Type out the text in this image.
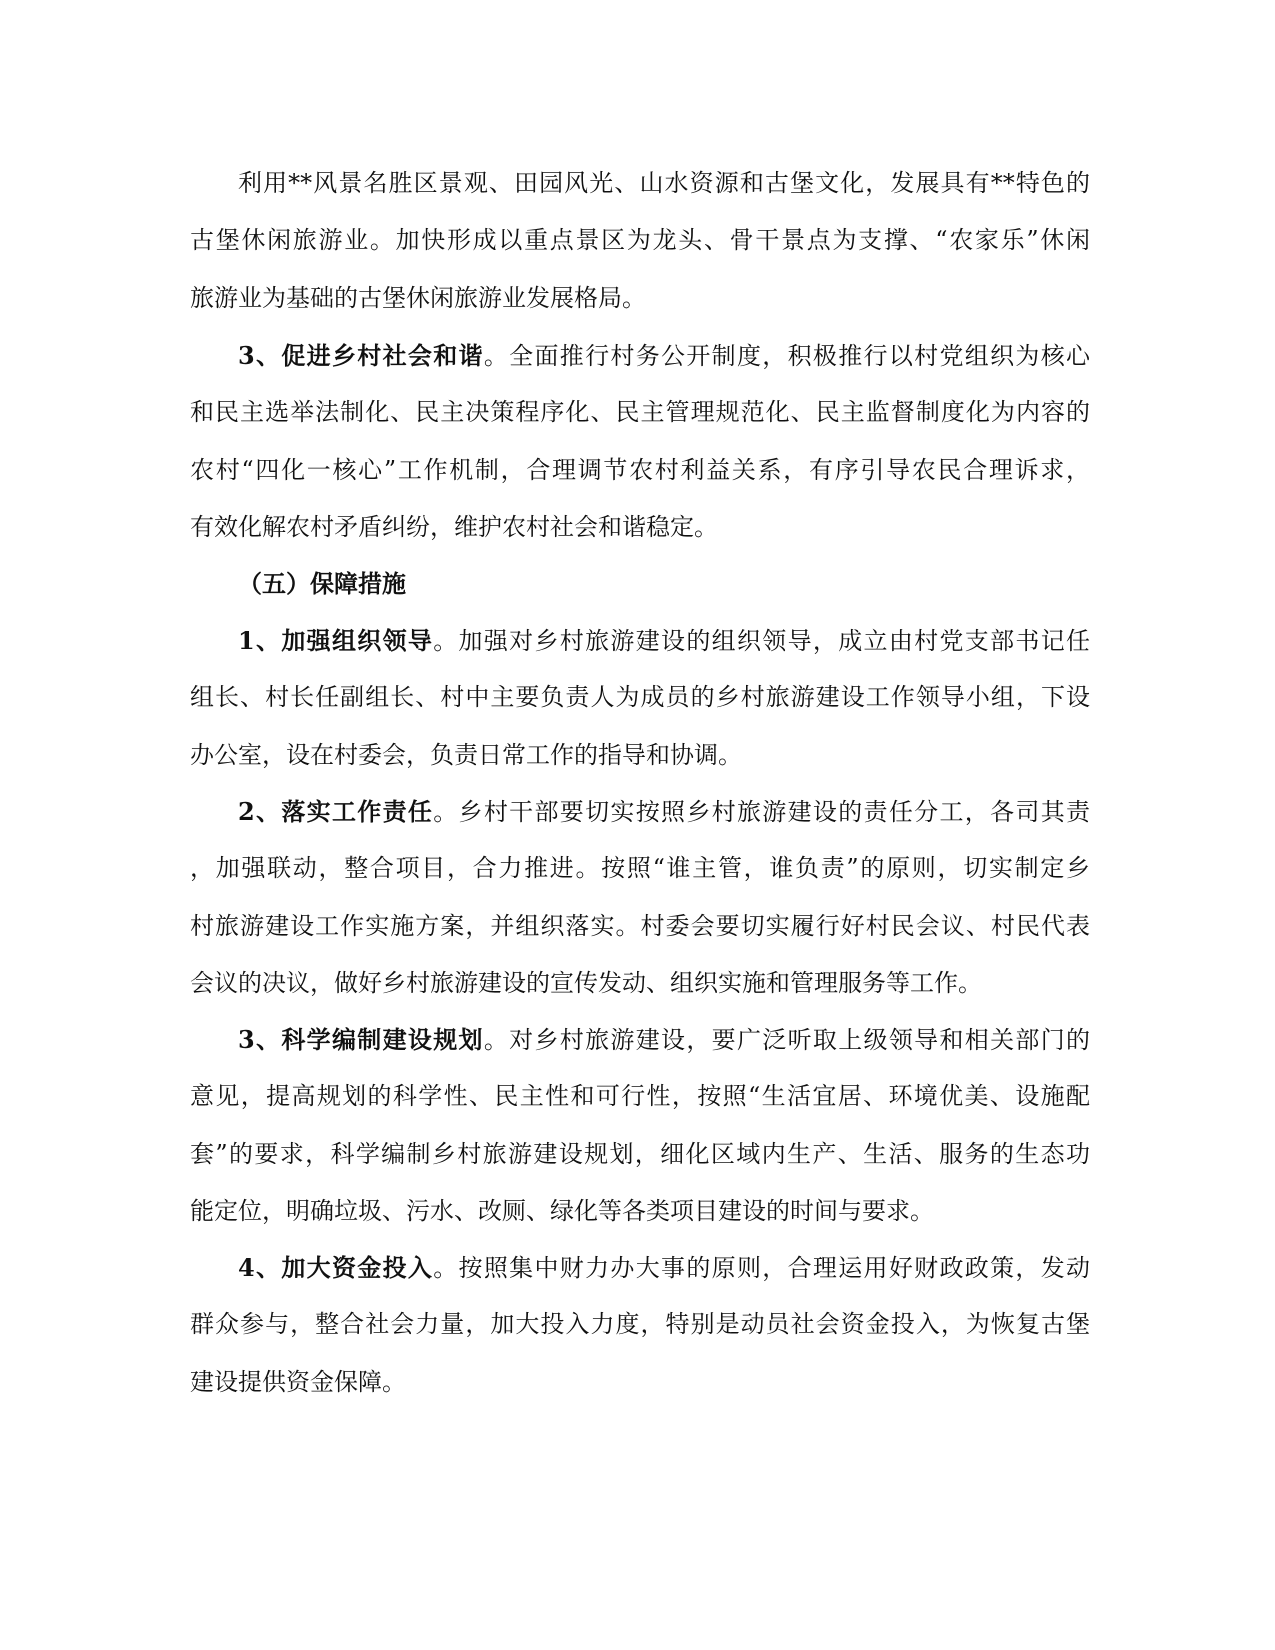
利用**风景名胜区景观、田园风光、山水资源和古堡文化，发展具有**特色的
古堡休闲旅游业。加快形成以重点景区为龙头、骨干景点为支撑、“农家乐”休闲
旅游业为基础的古堡休闲旅游业发展格局。
3、促进乡村社会和谐。全面推行村务公开制度，积极推行以村党组织为核心
和民主选举法制化、民主决策程序化、民主管理规范化、民主监督制度化为内容的
农村“四化一核心”工作机制，合理调节农村利益关系，有序引导农民合理诉求，
有效化解农村矛盾纠纷，维护农村社会和谐稳定。
（五）保障措施
1、加强组织领导。加强对乡村旅游建设的组织领导，成立由村党支部书记任
组长、村长任副组长、村中主要负责人为成员的乡村旅游建设工作领导小组，下设
办公室，设在村委会，负责日常工作的指导和协调。
2、落实工作责任。乡村干部要切实按照乡村旅游建设的责任分工，各司其责
，加强联动，整合项目，合力推进。按照“谁主管，谁负责”的原则，切实制定乡
村旅游建设工作实施方案，并组织落实。村委会要切实履行好村民会议、村民代表
会议的决议，做好乡村旅游建设的宣传发动、组织实施和管理服务等工作。
3、科学编制建设规划。对乡村旅游建设，要广泛听取上级领导和相关部门的
意见，提高规划的科学性、民主性和可行性，按照“生活宜居、环境优美、设施配
套”的要求，科学编制乡村旅游建设规划，细化区域内生产、生活、服务的生态功
能定位，明确垃圾、污水、改厕、绿化等各类项目建设的时间与要求。
4、加大资金投入。按照集中财力办大事的原则，合理运用好财政政策，发动
群众参与，整合社会力量，加大投入力度，特别是动员社会资金投入，为恢复古堡
建设提供资金保障。
